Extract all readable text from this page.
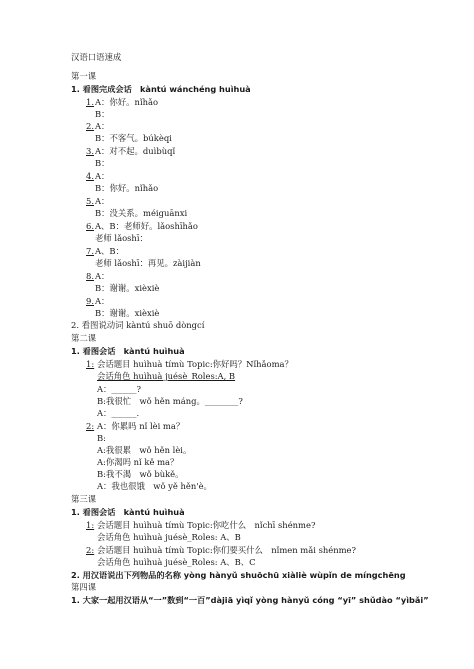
汉语口语速成
第一课
1. 看图完成会话　kàntú wánchéng huìhuà
1. A：你好。nǐhǎo
B：
2. A：
B：不客气。búkèqi
3. A：对不起。duìbùqǐ
B：
4. A：
B：你好。nǐhǎo
5. A：
B：没关系。méiguānxi
6. A、B：老师好。lǎoshīhǎo
老师 lǎoshī：
7. A、B：
老师 lǎoshī：再见。zàijiàn
8. A：
B：谢谢。xièxiè
9. A：
B：谢谢。xièxiè
2. 看图说动词 kàntú shuō dòngcí
第二课
1. 看图会话　kàntú huìhuà
1: 会话题目 huìhuà tímù Topic:你好吗？Nǐhǎoma？
会话角色 huìhuà juésè_Roles:A, B
A：______?
B:我很忙　wǒ hěn máng。________?
A：______.
2: A：你累吗 nǐ lèi ma？
B:
A:我很累　wǒ hěn lèi。
A:你渴吗 nǐ kě ma？
B:我不渴　wǒ bùkě。
A：我也很饿　wǒ yě hěn'è。
第三课
1. 看图会话　kàntú huìhuà
1: 会话题目 huìhuà tímù Topic:你吃什么　nǐchī shénme?
会话角色 huìhuà juésè_Roles: A、B
2: 会话题目 huìhuà tímù Topic:你们要买什么　nǐmen mǎi shénme?
会话角色 huìhuà juésè_Roles: A、B、C
2. 用汉语说出下列物品的名称 yòng hànyǔ shuōchū xiàliè wùpǐn de míngchēng
第四课
1. 大家一起用汉语从“一”数到“一百”dàjiā yìqǐ yòng hànyǔ cóng “yī” shǔdào “yìbǎi”
